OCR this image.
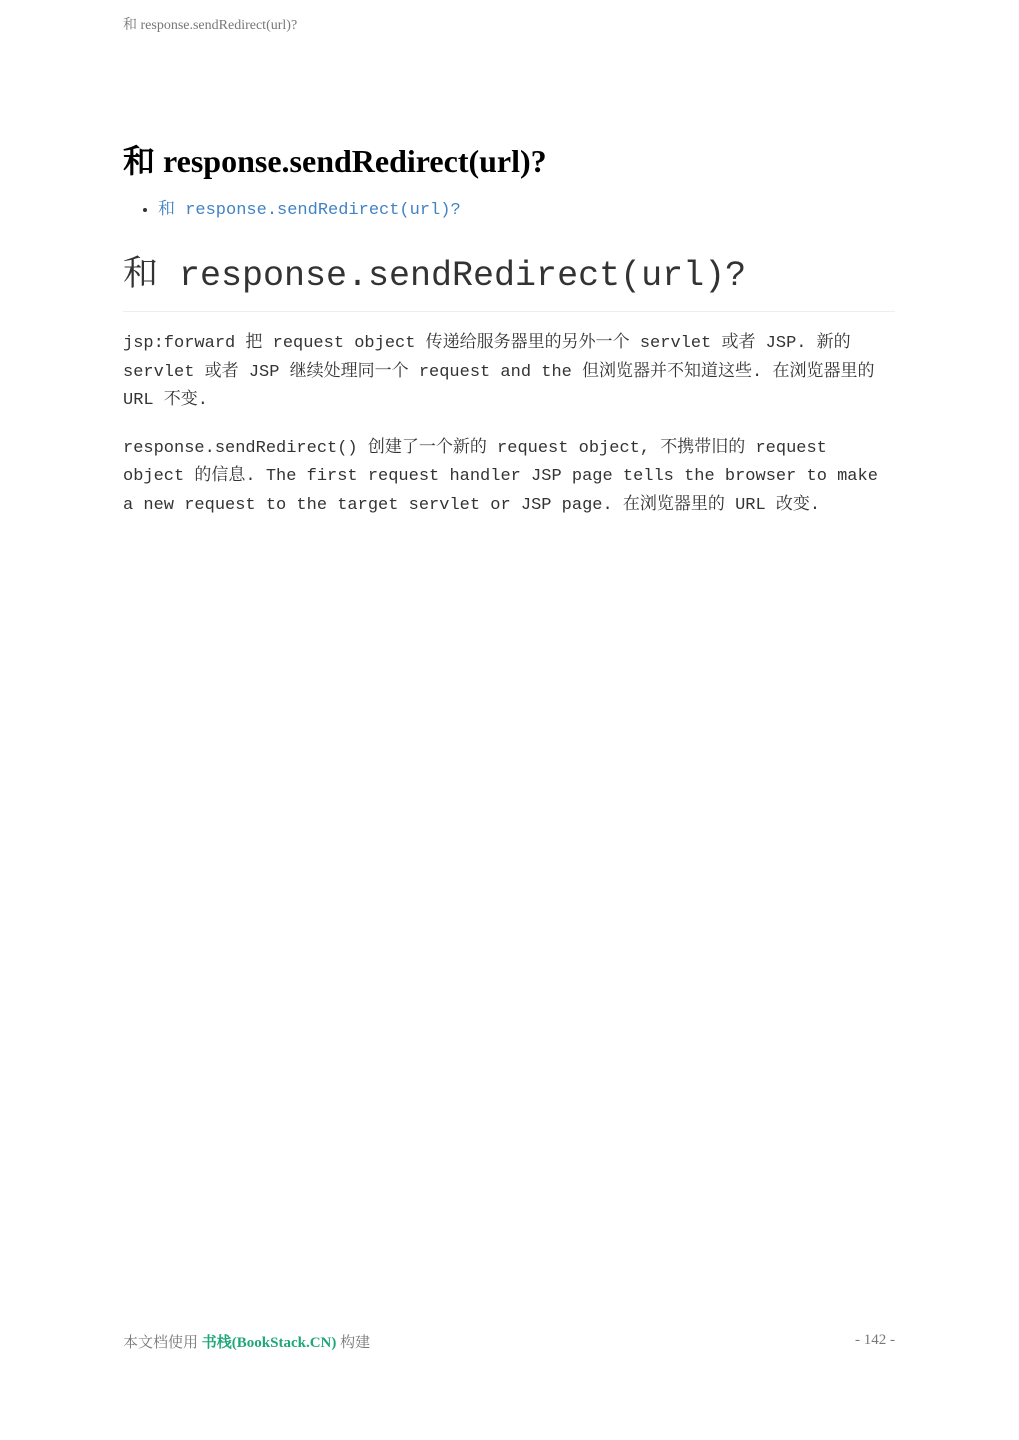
和 response.sendRedirect(url)?
和 response.sendRedirect(url)?
• 和 response.sendRedirect(url)?
和 response.sendRedirect(url)?

jsp:forward 把 request object 传递给服务器里的另外一个 servlet 或者 JSP. 新的 servlet 或者 JSP 继续处理同一个 request and the 但浏览器并不知道这些. 在浏览器里的 URL 不变.

response.sendRedirect() 创建了一个新的 request object, 不携带旧的 request object 的信息. The first request handler JSP page tells the browser to make a new request to the target servlet or JSP page. 在浏览器里的 URL 改变.

本文档使用 书栈(BookStack.CN) 构建	- 142 -
